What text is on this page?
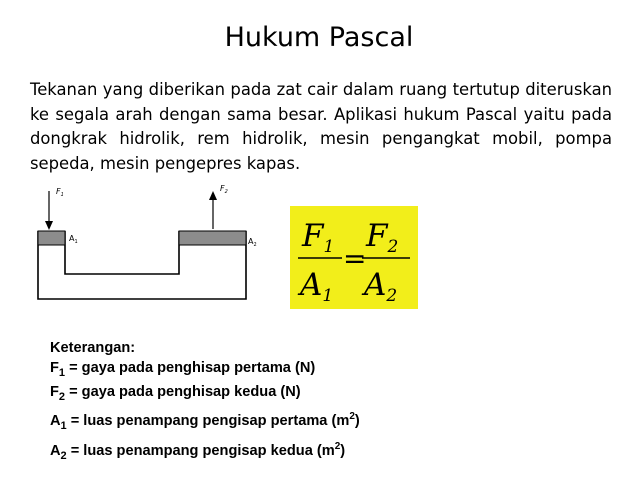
Hukum Pascal
Tekanan yang diberikan pada zat cair dalam ruang tertutup diteruskan ke segala arah dengan sama besar. Aplikasi hukum Pascal yaitu pada dongkrak hidrolik, rem hidrolik, mesin pengangkat mobil, pompa sepeda, mesin pengepres kapas.
$F_1$
$F_2$
$A_1$	$A_2$ F1
A1
F2
A2
=
Keterangan:
$F_1$ = gaya pada penghisap pertama (N)
$F_2$ = gaya pada penghisap kedua (N)
$A_1$ = luas penampang pengisap pertama $(m^2)$
$A_2$ = luas penampang pengisap kedua $(m^2)$
